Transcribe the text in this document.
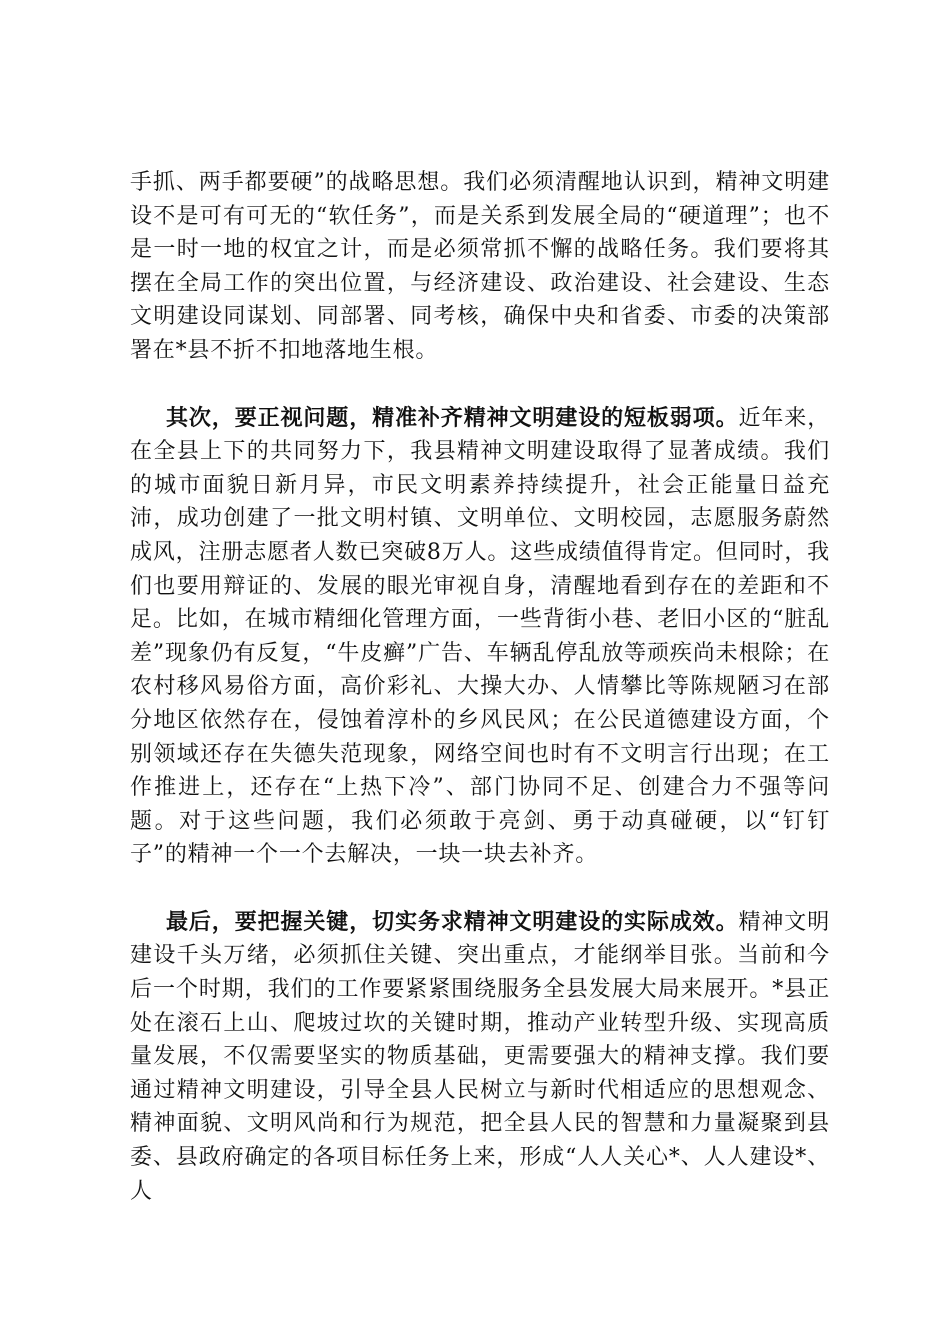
手抓、两手都要硬”的战略思想。我们必须清醒地认识到，精神文明建设不是可有可无的“软任务”，而是关系到发展全局的“硬道理”；也不是一时一地的权宜之计，而是必须常抓不懈的战略任务。我们要将其摆在全局工作的突出位置，与经济建设、政治建设、社会建设、生态文明建设同谋划、同部署、同考核，确保中央和省委、市委的决策部署在*县不折不扣地落地生根。

其次，要正视问题，精准补齐精神文明建设的短板弱项。近年来，在全县上下的共同努力下，我县精神文明建设取得了显著成绩。我们的城市面貌日新月异，市民文明素养持续提升，社会正能量日益充沛，成功创建了一批文明村镇、文明单位、文明校园，志愿服务蔚然成风，注册志愿者人数已突破8万人。这些成绩值得肯定。但同时，我们也要用辩证的、发展的眼光审视自身，清醒地看到存在的差距和不足。比如，在城市精细化管理方面，一些背街小巷、老旧小区的“脏乱差”现象仍有反复，“牛皮癣”广告、车辆乱停乱放等顽疾尚未根除；在农村移风易俗方面，高价彩礼、大操大办、人情攀比等陈规陋习在部分地区依然存在，侵蚀着淳朴的乡风民风；在公民道德建设方面，个别领域还存在失德失范现象，网络空间也时有不文明言行出现；在工作推进上，还存在“上热下冷”、部门协同不足、创建合力不强等问题。对于这些问题，我们必须敢于亮剑、勇于动真碰硬，以“钉钉子”的精神一个一个去解决，一块一块去补齐。

最后，要把握关键，切实务求精神文明建设的实际成效。精神文明建设千头万绪，必须抓住关键、突出重点，才能纲举目张。当前和今后一个时期，我们的工作要紧紧围绕服务全县发展大局来展开。*县正处在滚石上山、爬坡过坎的关键时期，推动产业转型升级、实现高质量发展，不仅需要坚实的物质基础，更需要强大的精神支撑。我们要通过精神文明建设，引导全县人民树立与新时代相适应的思想观念、精神面貌、文明风尚和行为规范，把全县人民的智慧和力量凝聚到县委、县政府确定的各项目标任务上来，形成“人人关心*、人人建设*、人
